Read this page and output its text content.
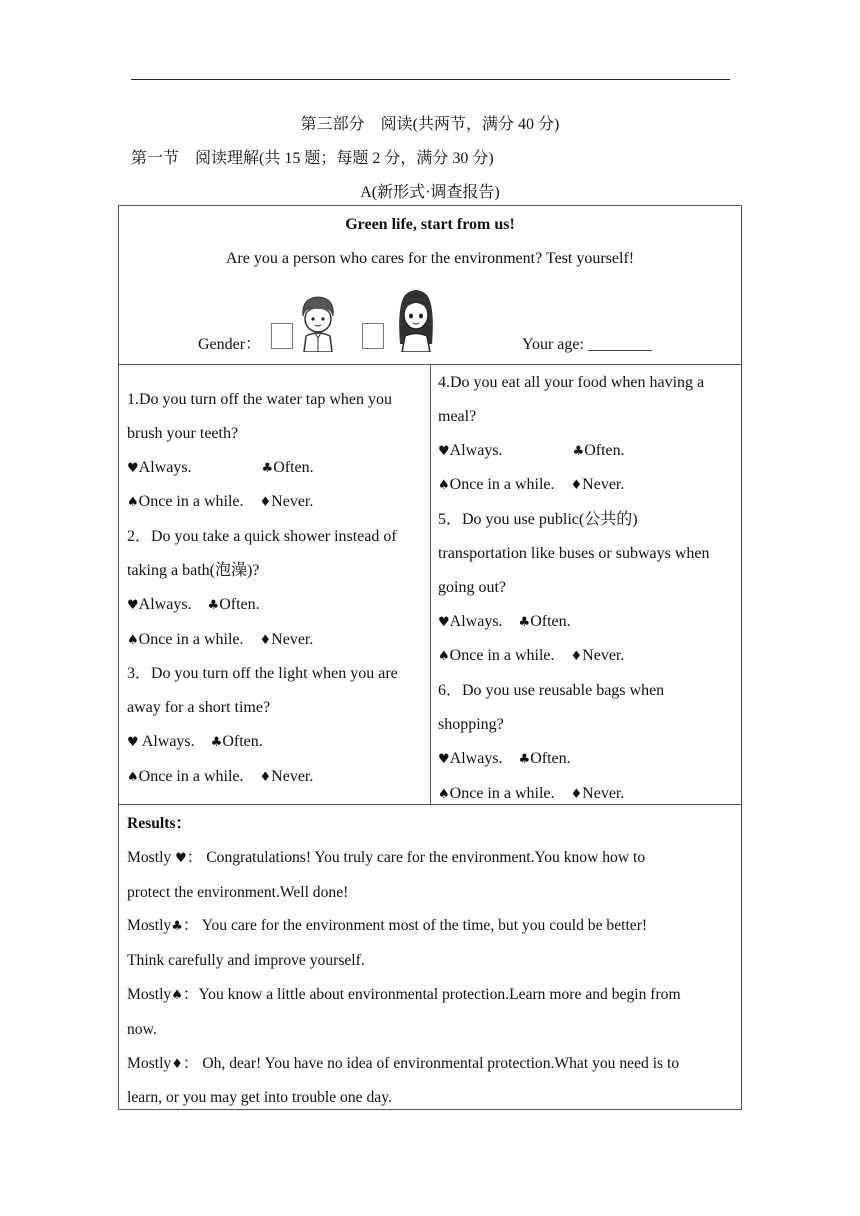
第三部分　阅读(共两节，满分 40 分)
第一节　阅读理解(共 15 题；每题 2 分，满分 30 分)
A(新形式·调查报告)
Green life, start from us!
Are you a person who cares for the environment? Test yourself!
Gender：	Your age: ________
1.Do you turn off the water tap when you
brush your teeth?
♥Always.	♣Often.
♠Once in a while. ♦Never.
2．Do you take a quick shower instead of
taking a bath(泡澡)?
♥Always. ♣Often.
♠Once in a while. ♦Never.
3．Do you turn off the light when you are
away for a short time?
♥ Always. ♣Often.
♠Once in a while. ♦Never.
4.Do you eat all your food when having a
meal?
♥Always.	♣Often.
♠Once in a while. ♦Never.
5．Do you use public(公共的)
transportation like buses or subways when
going out?
♥Always. ♣Often.
♠Once in a while. ♦Never.
6．Do you use reusable bags when
shopping?
♥Always. ♣Often.
♠Once in a while. ♦Never.
Results：
Mostly ♥： Congratulations! You truly care for the environment.You know how to
protect the environment.Well done!
Mostly♣： You care for the environment most of the time, but you could be better!
Think carefully and improve yourself.
Mostly♠：You know a little about environmental protection.Learn more and begin from
now.
Mostly♦： Oh, dear! You have no idea of environmental protection.What you need is to
learn, or you may get into trouble one day.
